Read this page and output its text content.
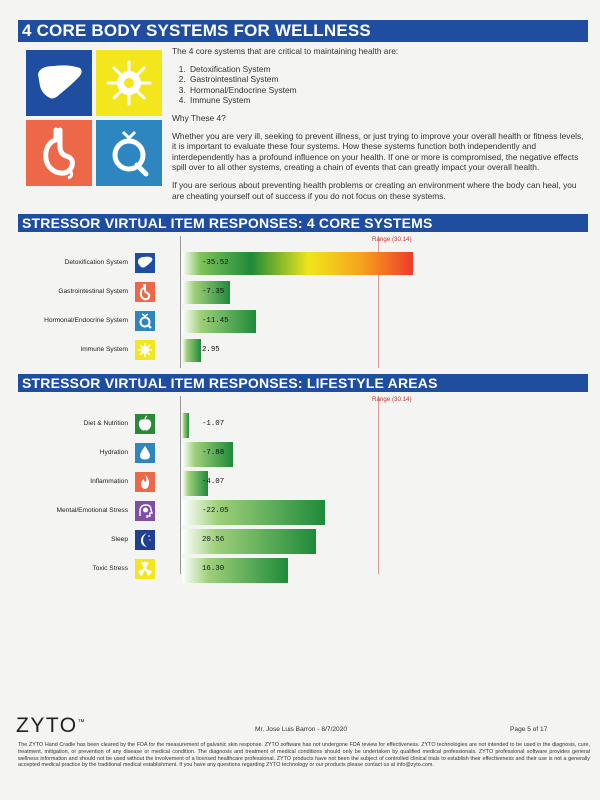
4 CORE BODY SYSTEMS FOR WELLNESS

The 4 core systems that are critical to maintaining health are:

1. Detoxification System
2. Gastrointestinal System
3. Hormonal/Endocrine System
4. Immune System

Why These 4?

Whether you are very ill, seeking to prevent illness, or just trying to improve your overall health or fitness levels, it is important to evaluate these four systems. How these systems function both independently and interdependently has a profound influence on your health. If one or more is compromised, the negative effects spill over to all other systems, creating a chain of events that can greatly impact your overall health.

If you are serious about preventing health problems or creating an environment where the body can heal, you are cheating yourself out of success if you do not focus on these systems.

STRESSOR VIRTUAL ITEM RESPONSES: 4 CORE SYSTEMS
Detoxification System	-35.52
Gastrointestinal System	-7.35
Hormonal/Endocrine System	-11.45
Immune System	2.95
Range (30.14)
STRESSOR VIRTUAL ITEM RESPONSES: LIFESTYLE AREAS
Diet & Nutrition	-1.07
Hydration	-7.88
Inflammation	-4.07
Mental/Emotional Stress	-22.05
Sleep	20.56
Toxic Stress	16.30
Range (30.14)
ZYTO™
Mr. Jose Luis Barron - 8/7/2020	Page 5 of 17
The ZYTO Hand Cradle has been cleared by the FDA for the measurement of galvanic skin response. ZYTO software has not undergone FDA review for effectiveness. ZYTO technologies are not intended to be used in the diagnosis, cure, treatment, mitigation, or prevention of any disease or medical condition. The diagnosis and treatment of medical conditions should only be undertaken by qualified medical professionals. ZYTO professional software provides general wellness information and should not be used without the involvement of a licensed healthcare professional. ZYTO products have not been the subject of controlled clinical trials to establish their effectiveness and their use is not a generally accepted medical practice by the traditional medical establishment. If you have any questions regarding ZYTO technology or our products please contact us at info@zyto.com.
